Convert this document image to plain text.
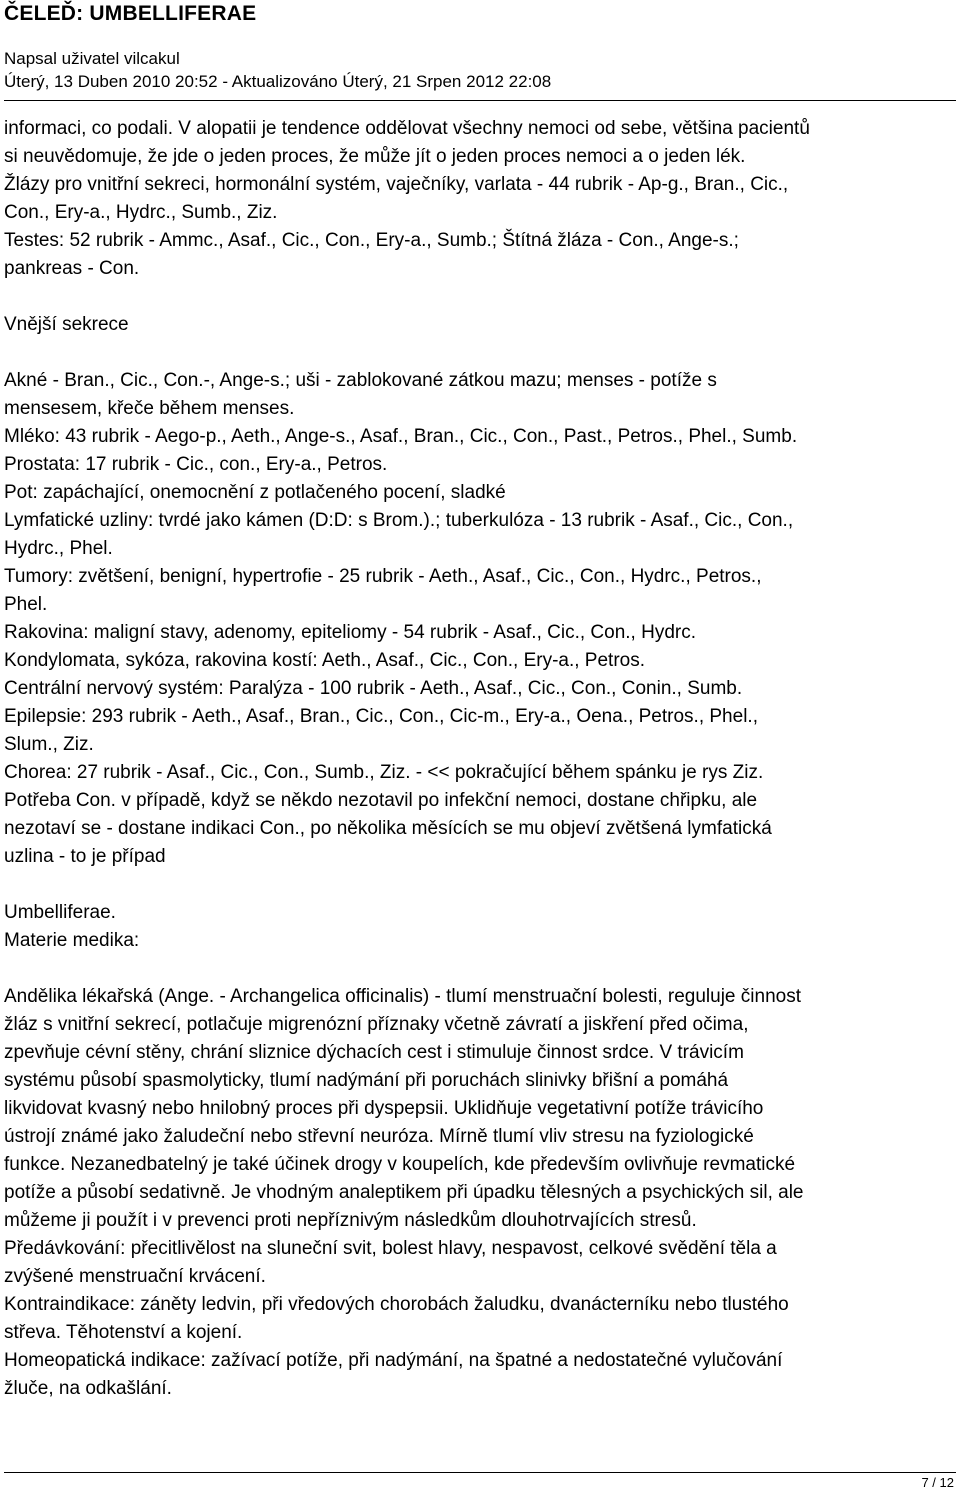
ČELEĎ: UMBELLIFERAE
Napsal uživatel vilcakul
Úterý, 13 Duben 2010 20:52 - Aktualizováno Úterý, 21 Srpen 2012 22:08

informaci, co podali. V alopatii je tendence oddělovat všechny nemoci od sebe, většina pacientů

si neuvědomuje, že jde o jeden proces, že může jít o jeden proces nemoci a o jeden lék.

Žlázy pro vnitřní sekreci, hormonální systém, vaječníky, varlata - 44 rubrik - Ap-g., Bran., Cic.,

Con., Ery-a., Hydrc., Sumb., Ziz.

Testes: 52 rubrik - Ammc., Asaf., Cic., Con., Ery-a., Sumb.; Štítná žláza - Con., Ange-s.;

pankreas - Con.

Vnější sekrece

Akné - Bran., Cic., Con.-, Ange-s.; uši - zablokované zátkou mazu; menses - potíže s

mensesem, křeče během menses.

Mléko: 43 rubrik - Aego-p., Aeth., Ange-s., Asaf., Bran., Cic., Con., Past., Petros., Phel., Sumb.

Prostata: 17 rubrik - Cic., con., Ery-a., Petros.

Pot: zapáchající, onemocnění z potlačeného pocení, sladké

Lymfatické uzliny: tvrdé jako kámen (D:D: s Brom.).; tuberkulóza - 13 rubrik - Asaf., Cic., Con.,

Hydrc., Phel.

Tumory: zvětšení, benigní, hypertrofie - 25 rubrik - Aeth., Asaf., Cic., Con., Hydrc., Petros.,

Phel.

Rakovina: maligní stavy, adenomy, epiteliomy - 54 rubrik - Asaf., Cic., Con., Hydrc.

Kondylomata, sykóza, rakovina kostí: Aeth., Asaf., Cic., Con., Ery-a., Petros.

Centrální nervový systém: Paralýza - 100 rubrik - Aeth., Asaf., Cic., Con., Conin., Sumb.

Epilepsie: 293 rubrik - Aeth., Asaf., Bran., Cic., Con., Cic-m., Ery-a., Oena., Petros., Phel.,

Slum., Ziz.

Chorea: 27 rubrik - Asaf., Cic., Con., Sumb., Ziz. - << pokračující během spánku je rys Ziz.

Potřeba Con. v případě, když se někdo nezotavil po infekční nemoci, dostane chřipku, ale

nezotaví se - dostane indikaci Con., po několika měsících se mu objeví zvětšená lymfatická

uzlina - to je případ

Umbelliferae.

Materie medika:

Andělika lékařská (Ange. - Archangelica officinalis) - tlumí menstruační bolesti, reguluje činnost

žláz s vnitřní sekrecí, potlačuje migrenózní příznaky včetně závratí a jiskření před očima,

zpevňuje cévní stěny, chrání sliznice dýchacích cest i stimuluje činnost srdce. V trávicím

systému působí spasmolyticky, tlumí nadýmání při poruchách slinivky břišní a pomáhá

likvidovat kvasný nebo hnilobný proces při dyspepsii. Uklidňuje vegetativní potíže trávicího

ústrojí známé jako žaludeční nebo střevní neuróza. Mírně tlumí vliv stresu na fyziologické

funkce. Nezanedbatelný je také účinek drogy v koupelích, kde především ovlivňuje revmatické

potíže a působí sedativně. Je vhodným analeptikem při úpadku tělesných a psychických sil, ale

můžeme ji použít i v prevenci proti nepříznivým následkům dlouhotrvajících stresů.

Předávkování: přecitlivělost na sluneční svit, bolest hlavy, nespavost, celkové svědění těla a

zvýšené menstruační krvácení.

Kontraindikace: záněty ledvin, při vředových chorobách žaludku, dvanácterníku nebo tlustého

střeva. Těhotenství a kojení.

Homeopatická indikace: zažívací potíže, při nadýmání, na špatné a nedostatečné vylučování

žluče, na odkašlání.

7 / 12
